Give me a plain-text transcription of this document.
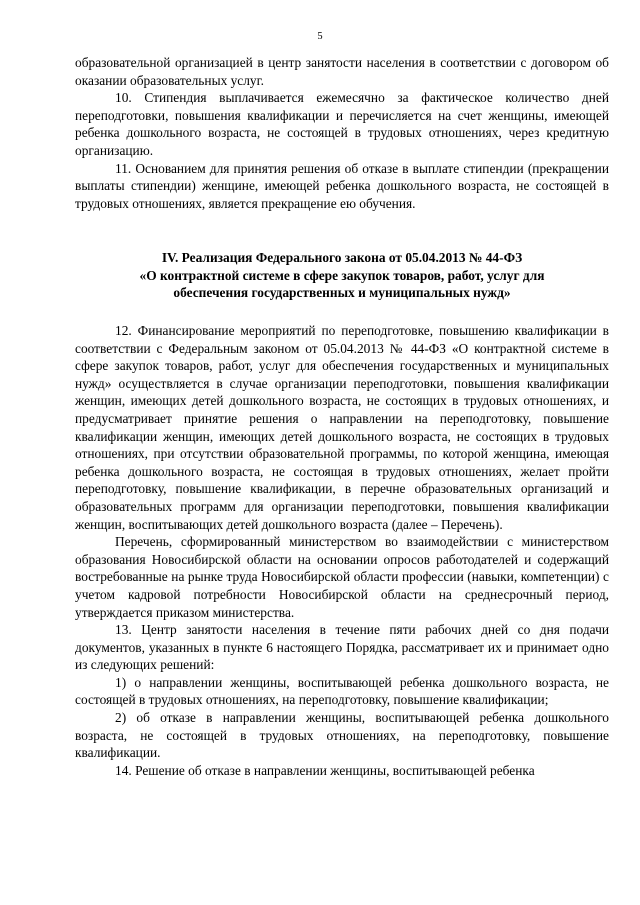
5

образовательной организацией в центр занятости населения в соответствии с договором об оказании образовательных услуг.

10. Стипендия выплачивается ежемесячно за фактическое количество дней переподготовки, повышения квалификации и перечисляется на счет женщины, имеющей ребенка дошкольного возраста, не состоящей в трудовых отношениях, через кредитную организацию.

11. Основанием для принятия решения об отказе в выплате стипендии (прекращении выплаты стипендии) женщине, имеющей ребенка дошкольного возраста, не состоящей в трудовых отношениях, является прекращение ею обучения.

IV. Реализация Федерального закона от 05.04.2013 № 44-ФЗ
«О контрактной системе в сфере закупок товаров, работ, услуг для
обеспечения государственных и муниципальных нужд»

12. Финансирование мероприятий по переподготовке, повышению квалификации в соответствии с Федеральным законом от 05.04.2013 № 44-ФЗ «О контрактной системе в сфере закупок товаров, работ, услуг для обеспечения государственных и муниципальных нужд» осуществляется в случае организации переподготовки, повышения квалификации женщин, имеющих детей дошкольного возраста, не состоящих в трудовых отношениях, и предусматривает принятие решения о направлении на переподготовку, повышение квалификации женщин, имеющих детей дошкольного возраста, не состоящих в трудовых отношениях, при отсутствии образовательной программы, по которой женщина, имеющая ребенка дошкольного возраста, не состоящая в трудовых отношениях, желает пройти переподготовку, повышение квалификации, в перечне образовательных организаций и образовательных программ для организации переподготовки, повышения квалификации женщин, воспитывающих детей дошкольного возраста (далее – Перечень).

Перечень, сформированный министерством во взаимодействии с министерством образования Новосибирской области на основании опросов работодателей и содержащий востребованные на рынке труда Новосибирской области профессии (навыки, компетенции) с учетом кадровой потребности Новосибирской области на среднесрочный период, утверждается приказом министерства.

13. Центр занятости населения в течение пяти рабочих дней со дня подачи документов, указанных в пункте 6 настоящего Порядка, рассматривает их и принимает одно из следующих решений:

1) о направлении женщины, воспитывающей ребенка дошкольного возраста, не состоящей в трудовых отношениях, на переподготовку, повышение квалификации;

2) об отказе в направлении женщины, воспитывающей ребенка дошкольного возраста, не состоящей в трудовых отношениях, на переподготовку, повышение квалификации.

14. Решение об отказе в направлении женщины, воспитывающей ребенка
